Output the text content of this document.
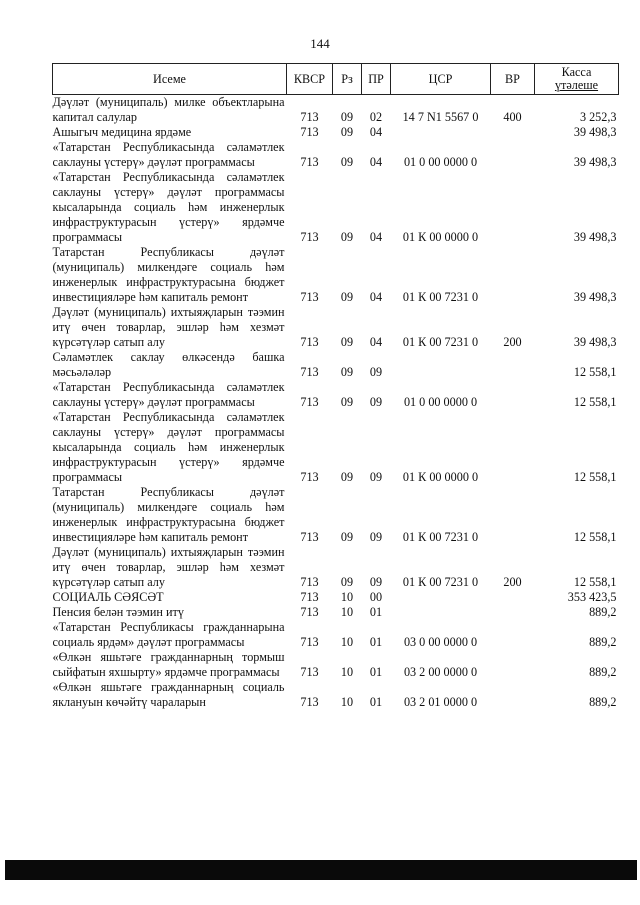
144
Исеме	КВСР	Рз	ПР	ЦСР	ВР	Касса
үтәлеше
Дәүләт (муниципаль) милке объектларына капитал салулар	713	09	02	14 7 N1 5567 0	400	3 252,3
Ашыгыч медицина ярдәме	713	09	04			39 498,3
«Татарстан Республикасында сәламәтлек саклауны үстерү» дәүләт программасы	713	09	04	01 0 00 0000 0		39 498,3
«Татарстан Республикасында сәламәтлек саклауны үстерү» дәүләт программасы кысаларында социаль һәм инженерлык инфраструктурасын үстерү» ярдәмче программасы	713	09	04	01 К 00 0000 0		39 498,3
Татарстан Республикасы дәүләт (муниципаль) милкендәге социаль һәм инженерлык инфраструктурасына бюджет инвестицияләре һәм капиталь ремонт	713	09	04	01 К 00 7231 0		39 498,3
Дәүләт (муниципаль) ихтыяҗларын тәэмин итү өчен товарлар, эшләр һәм хезмәт күрсәтүләр сатып алу	713	09	04	01 К 00 7231 0	200	39 498,3
Сәламәтлек саклау өлкәсендә башка мәсьәләләр	713	09	09			12 558,1
«Татарстан Республикасында сәламәтлек саклауны үстерү» дәүләт программасы	713	09	09	01 0 00 0000 0		12 558,1
«Татарстан Республикасында сәламәтлек саклауны үстерү» дәүләт программасы кысаларында социаль һәм инженерлык инфраструктурасын үстерү» ярдәмче программасы	713	09	09	01 К 00 0000 0		12 558,1
Татарстан Республикасы дәүләт (муниципаль) милкендәге социаль һәм инженерлык инфраструктурасына бюджет инвестицияләре һәм капиталь ремонт	713	09	09	01 К 00 7231 0		12 558,1
Дәүләт (муниципаль) ихтыяҗларын тәэмин итү өчен товарлар, эшләр һәм хезмәт күрсәтүләр сатып алу	713	09	09	01 К 00 7231 0	200	12 558,1
СОЦИАЛЬ СӘЯСӘТ	713	10	00			353 423,5
Пенсия белән тәэмин итү	713	10	01			889,2
«Татарстан Республикасы гражданнарына социаль ярдәм» дәүләт программасы	713	10	01	03 0 00 0000 0		889,2
«Өлкән яшьтәге гражданнарның тормыш сыйфатын яхшырту» ярдәмче программасы	713	10	01	03 2 00 0000 0		889,2
«Өлкән яшьтәге гражданнарның социаль яклануын көчәйтү чараларын	713	10	01	03 2 01 0000 0		889,2
